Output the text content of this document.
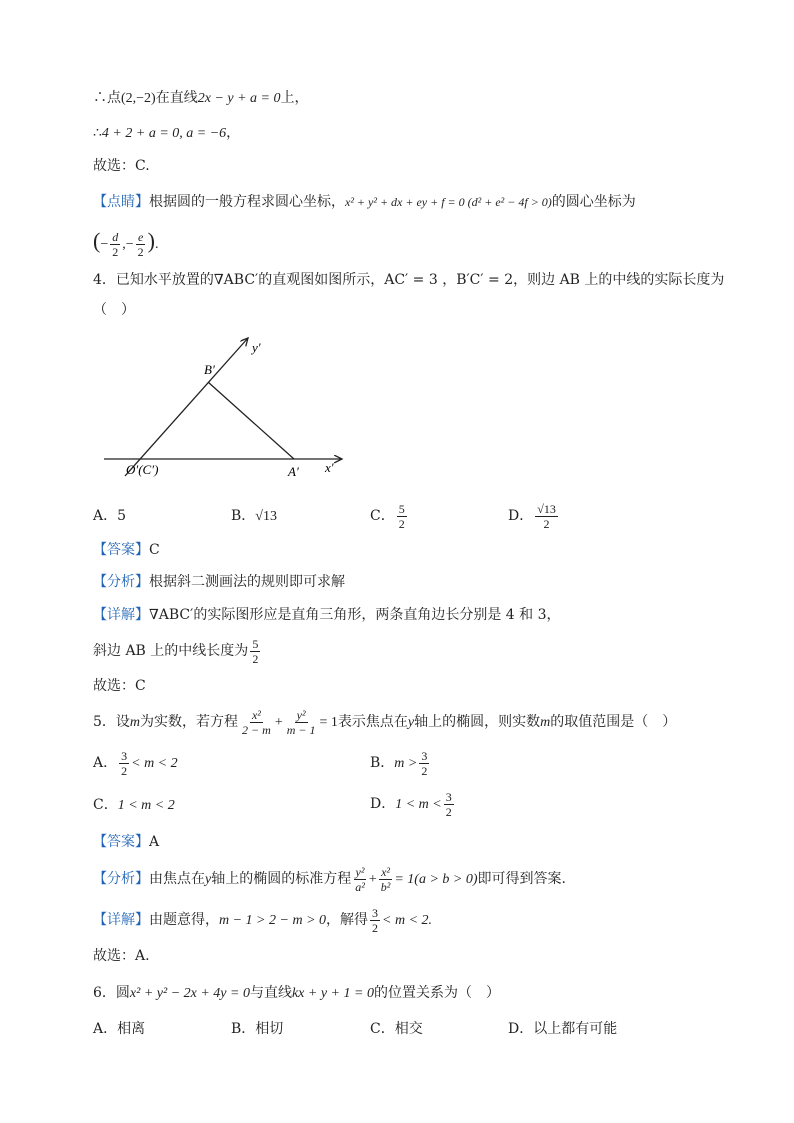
∴点(2,−2)在直线2x − y + a = 0上，
∴4 + 2 + a = 0, a = −6，
故选：C.
【点睛】根据圆的一般方程求圆心坐标，x² + y² + dx + ey + f = 0 (d² + e² − 4f > 0)的圆心坐标为
(− $\frac{d}{2}$ ,− $\frac{e}{2}$ ).
4．已知水平放置的∇ABC′的直观图如图所示，AC′ = 3 ，B′C′ = 2，则边 AB 上的中线的实际长度为
（　）
B′
O′(C′)	A′ x′
y′
A．5	B．√13	C． $\frac{5}{2}$	D． $\frac{√13}{2}$
【答案】C
【分析】根据斜二测画法的规则即可求解
【详解】∇ABC′的实际图形应是直角三角形，两条直角边长分别是 4 和 3，
斜边 AB 上的中线长度为 $\frac{5}{2}$
故选：C
5．设m为实数，若方程 $\frac{\text{x²}}{2 - m} + \frac{\text{y²}}{m - 1} = 1$表示焦点在y轴上的椭圆，则实数m的取值范围是（　）
A． $\frac{3}{2} < m < 2$	B．$m > \frac{3}{2}$
C．1 < m < 2	D．$1 < m < \frac{3}{2}$
【答案】A
【分析】由焦点在y轴上的椭圆的标准方程 $\frac{\text{y²}}{\text{a²}} + \frac{\text{x²}}{\text{b²}} = 1(a > b > 0)$即可得到答案.
【详解】由题意得，m − 1 > 2 − m > 0，解得 $\frac{3}{2} < m < 2$.
故选：A.
6．圆x² + y² − 2x + 4y = 0与直线kx + y + 1 = 0的位置关系为（　）
A．相离	B．相切	C．相交	D．以上都有可能
